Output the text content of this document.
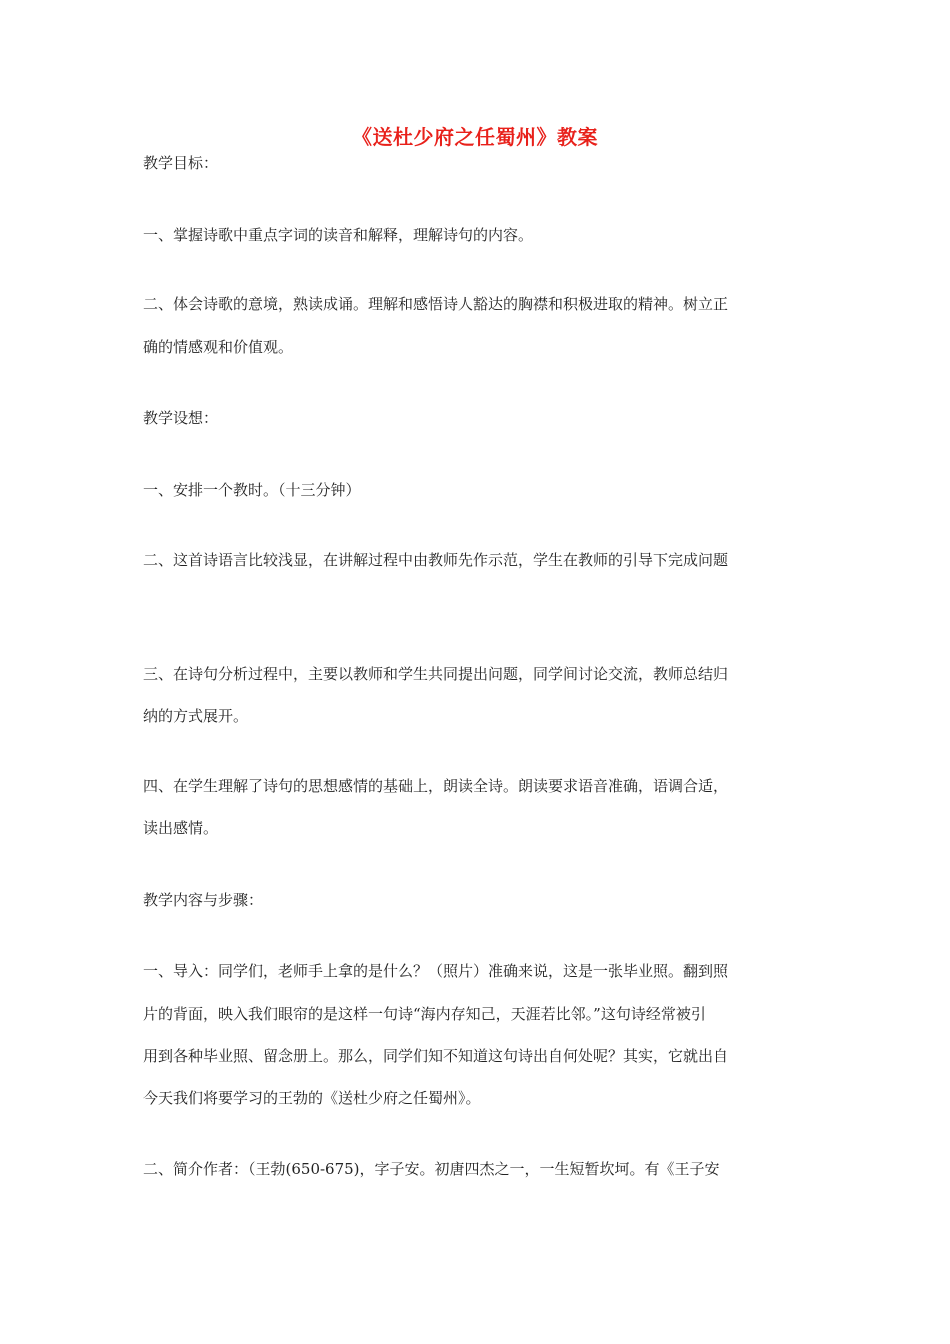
《送杜少府之任蜀州》教案
教学目标：
一、掌握诗歌中重点字词的读音和解释，理解诗句的内容。
二、体会诗歌的意境，熟读成诵。理解和感悟诗人豁达的胸襟和积极进取的精神。树立正
确的情感观和价值观。
教学设想：
一、安排一个教时。（十三分钟）
二、这首诗语言比较浅显，在讲解过程中由教师先作示范，学生在教师的引导下完成问题
三、在诗句分析过程中，主要以教师和学生共同提出问题，同学间讨论交流，教师总结归
纳的方式展开。
四、在学生理解了诗句的思想感情的基础上，朗读全诗。朗读要求语音准确，语调合适，
读出感情。
教学内容与步骤：
一、导入：同学们，老师手上拿的是什么？（照片）准确来说，这是一张毕业照。翻到照
片的背面，映入我们眼帘的是这样一句诗“海内存知己，天涯若比邻。”这句诗经常被引
用到各种毕业照、留念册上。那么，同学们知不知道这句诗出自何处呢？其实，它就出自
今天我们将要学习的王勃的《送杜少府之任蜀州》。
二、简介作者：（王勃(650-675)，字子安。初唐四杰之一，一生短暂坎坷。有《王子安
